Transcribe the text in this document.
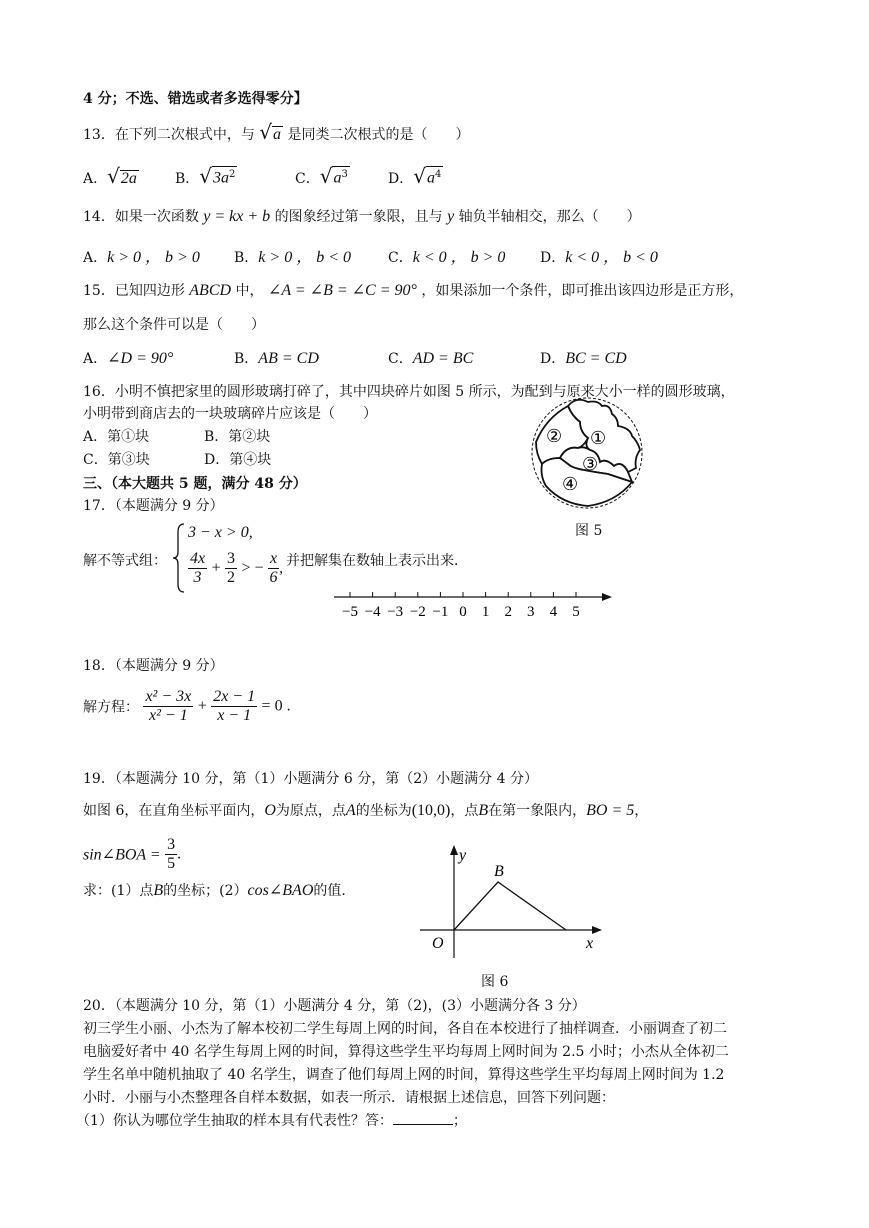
4 分；不选、错选或者多选得零分】
13．在下列二次根式中，与 √a 是同类二次根式的是（　　）
A．√2a	B．$√3a^2$	C．$√a^3$	D．$√a^4$
14．如果一次函数 y = kx + b 的图象经过第一象限，且与 y 轴负半轴相交，那么（　　）
A．k > 0 ， b > 0 B．k > 0 ， b < 0	C．k < 0 ， b > 0 D．k < 0 ， b < 0
15．已知四边形 ABCD 中， ∠A = ∠B = ∠C = 90° ，如果添加一个条件，即可推出该四边形是正方形，
那么这个条件可以是（　　）
A．∠D = 90°	B．AB = CD	C．AD = BC	D．BC = CD
16．小明不慎把家里的圆形玻璃打碎了，其中四块碎片如图 5 所示，为配到与原来大小一样的圆形玻璃，
小明带到商店去的一块玻璃碎片应该是（　　）
A．第①块	B．第②块
C．第③块	D．第④块
①
②
③
④
三、（本大题共 5 题，满分 48 分）
17．（本题满分 9 分）
图 5
解不等式组：
3 − x > 0,
$\frac{4x}{3} + \frac{3}{2}$ > − $\frac{x}{6}$ , 并把解集在数轴上表示出来.
−5 −4 −3 −2 −1 0 1 2 3 4 5
18．（本题满分 9 分）
解方程： $\frac{\text{x² − 3x}}{\text{x² − 1}} + \frac{2x - 1}{x - 1} = 0$ .
19．（本题满分 10 分，第（1）小题满分 6 分，第（2）小题满分 4 分）
如图 6，在直角坐标平面内，O为原点，点A的坐标为(10,0)，点B在第一象限内，BO = 5，
sin∠BOA = $\frac{3}{5}$ .
求：(1）点B的坐标；(2）cos∠BAO的值.
y
x
O
B
图 6
20．（本题满分 10 分，第（1）小题满分 4 分，第（2)，(3）小题满分各 3 分）
初三学生小丽、小杰为了解本校初二学生每周上网的时间，各自在本校进行了抽样调查．小丽调查了初二
电脑爱好者中 40 名学生每周上网的时间，算得这些学生平均每周上网时间为 2.5 小时；小杰从全体初二
学生名单中随机抽取了 40 名学生，调查了他们每周上网的时间，算得这些学生平均每周上网时间为 1.2
小时．小丽与小杰整理各自样本数据，如表一所示．请根据上述信息，回答下列问题：
（1）你认为哪位学生抽取的样本具有代表性？答：	；
